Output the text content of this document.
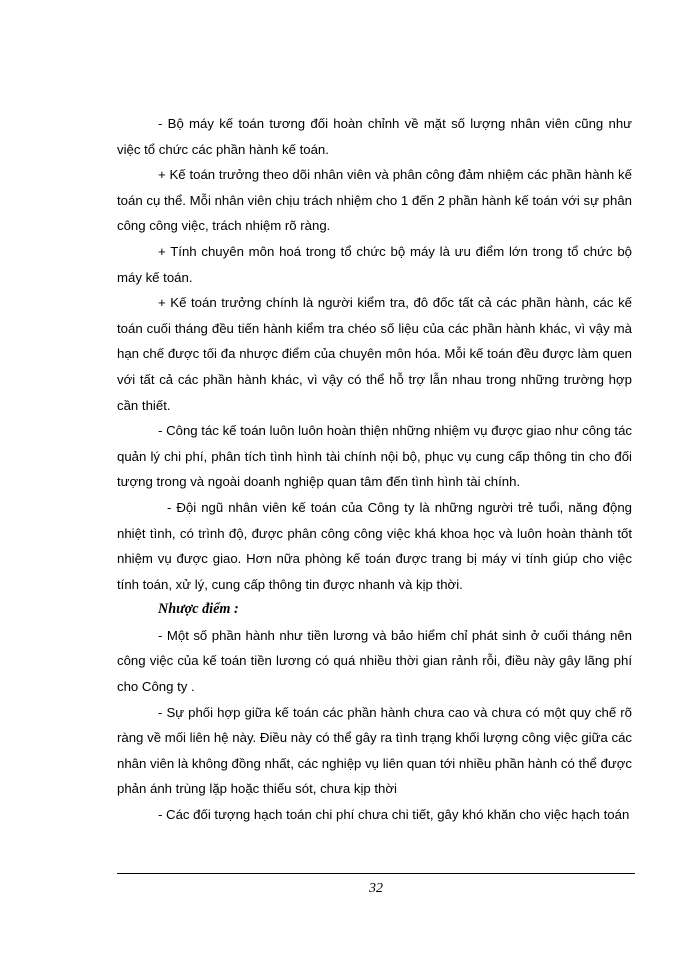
- Bộ máy kế toán tương đối hoàn chỉnh về mặt số lượng nhân viên cũng như việc tổ chức các phần hành kế toán.

+ Kế toán trưởng theo dõi nhân viên và phân công đảm nhiệm các phần hành kế toán cụ thể. Mỗi nhân viên chịu trách nhiệm cho 1 đến 2 phần hành kế toán với sự phân công công việc, trách nhiệm rõ ràng.

+ Tính chuyên môn hoá trong tổ chức bộ máy là ưu điểm lớn trong tổ chức bộ máy kế toán.

+ Kế toán trưởng chính là người kiểm tra, đô đốc tất cả các phần hành, các kế toán cuối tháng đều tiến hành kiểm tra chéo số liệu của các phần hành khác, vì vậy mà hạn chế được tối đa nhược điểm của chuyên môn hóa. Mỗi kế toán đều được làm quen với tất cả các phần hành khác, vì vậy có thể hỗ trợ lẫn nhau trong những trường hợp cần thiết.

- Công tác kế toán luôn luôn hoàn thiện những nhiệm vụ được giao như công tác quản lý chi phí, phân tích tình hình tài chính nội bộ, phục vụ cung cấp thông tin cho đối tượng trong và ngoài doanh nghiệp quan tâm đến tình hình tài chính.

- Đội ngũ nhân viên kế toán của Công ty là những người trẻ tuổi, năng động nhiệt tình, có trình độ, được phân công công việc khá khoa học và luôn hoàn thành tốt nhiệm vụ được giao. Hơn nữa phòng kế toán được trang bị máy vi tính giúp cho việc tính toán, xử lý, cung cấp thông tin được nhanh và kịp thời.

Nhược điểm :

- Một số phần hành như tiền lương và bảo hiểm chỉ phát sinh ở cuối tháng nên công việc của kế toán tiền lương có quá nhiều thời gian rảnh rỗi, điều này gây lãng phí cho Công ty .

- Sự phối hợp giữa kế toán các phần hành chưa cao và chưa có một quy chế rõ ràng về mối liên hệ này. Điều này có thể gây ra tình trạng khối lượng công việc giữa các nhân viên là không đồng nhất, các nghiệp vụ liên quan tới nhiều phần hành có thể được phản ánh trùng lặp hoặc thiếu sót, chưa kịp thời

- Các đối tượng hạch toán chi phí chưa chi tiết, gây khó khăn cho việc hạch toán

32
